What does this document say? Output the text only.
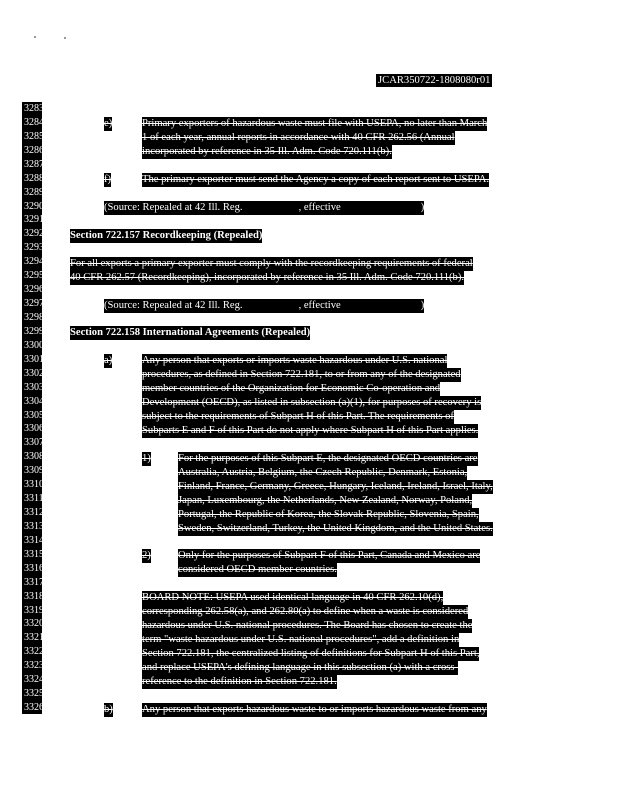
JCAR350722-1808080r01
3283
3284
3285
3286
3287
3288
3289
3290
3291
3292
3293
3294
3295
3296
3297
3298
3299
3300
3301
3302
3303
3304
3305
3306
3307
3308
3309
3310
3311
3312
3313
3314
3315
3316
3317
3318
3319
3320
3321
3322
3323
3324
3325
3326
e)	Primary exporters of hazardous waste must file with USEPA, no later than March
1 of each year, annual reports in accordance with 40 CFR 262.56 (Annual
incorporated by reference in 35 Ill. Adm. Code 720.111(b).
f)	The primary exporter must send the Agency a copy of each report sent to USEPA.
(Source: Repealed at 42 Ill. Reg.	, effective	)
Section 722.157 Recordkeeping (Repealed)
For all exports a primary exporter must comply with the recordkeeping requirements of federal
40 CFR 262.57 (Recordkeeping), incorporated by reference in 35 Ill. Adm. Code 720.111(b).
(Source: Repealed at 42 Ill. Reg.	, effective	)
Section 722.158 International Agreements (Repealed)
a)	Any person that exports or imports waste hazardous under U.S. national
procedures, as defined in Section 722.181, to or from any of the designated
member countries of the Organization for Economic Co-operation and
Development (OECD), as listed in subsection (a)(1), for purposes of recovery is
subject to the requirements of Subpart H of this Part. The requirements of
Subparts E and F of this Part do not apply where Subpart H of this Part applies.
1)	For the purposes of this Subpart E, the designated OECD countries are
Australia, Austria, Belgium, the Czech Republic, Denmark, Estonia,
Finland, France, Germany, Greece, Hungary, Iceland, Ireland, Israel, Italy,
Japan, Luxembourg, the Netherlands, New Zealand, Norway, Poland,
Portugal, the Republic of Korea, the Slovak Republic, Slovenia, Spain,
Sweden, Switzerland, Turkey, the United Kingdom, and the United States.
2)	Only for the purposes of Subpart F of this Part, Canada and Mexico are
considered OECD member countries.
BOARD NOTE: USEPA used identical language in 40 CFR 262.10(d),
corresponding 262.58(a), and 262.80(a) to define when a waste is considered
hazardous under U.S. national procedures. The Board has chosen to create the
term "waste hazardous under U.S. national procedures", add a definition in
Section 722.181, the centralized listing of definitions for Subpart H of this Part,
and replace USEPA's defining language in this subsection (a) with a cross-
reference to the definition in Section 722.181.
b)	Any person that exports hazardous waste to or imports hazardous waste from any
